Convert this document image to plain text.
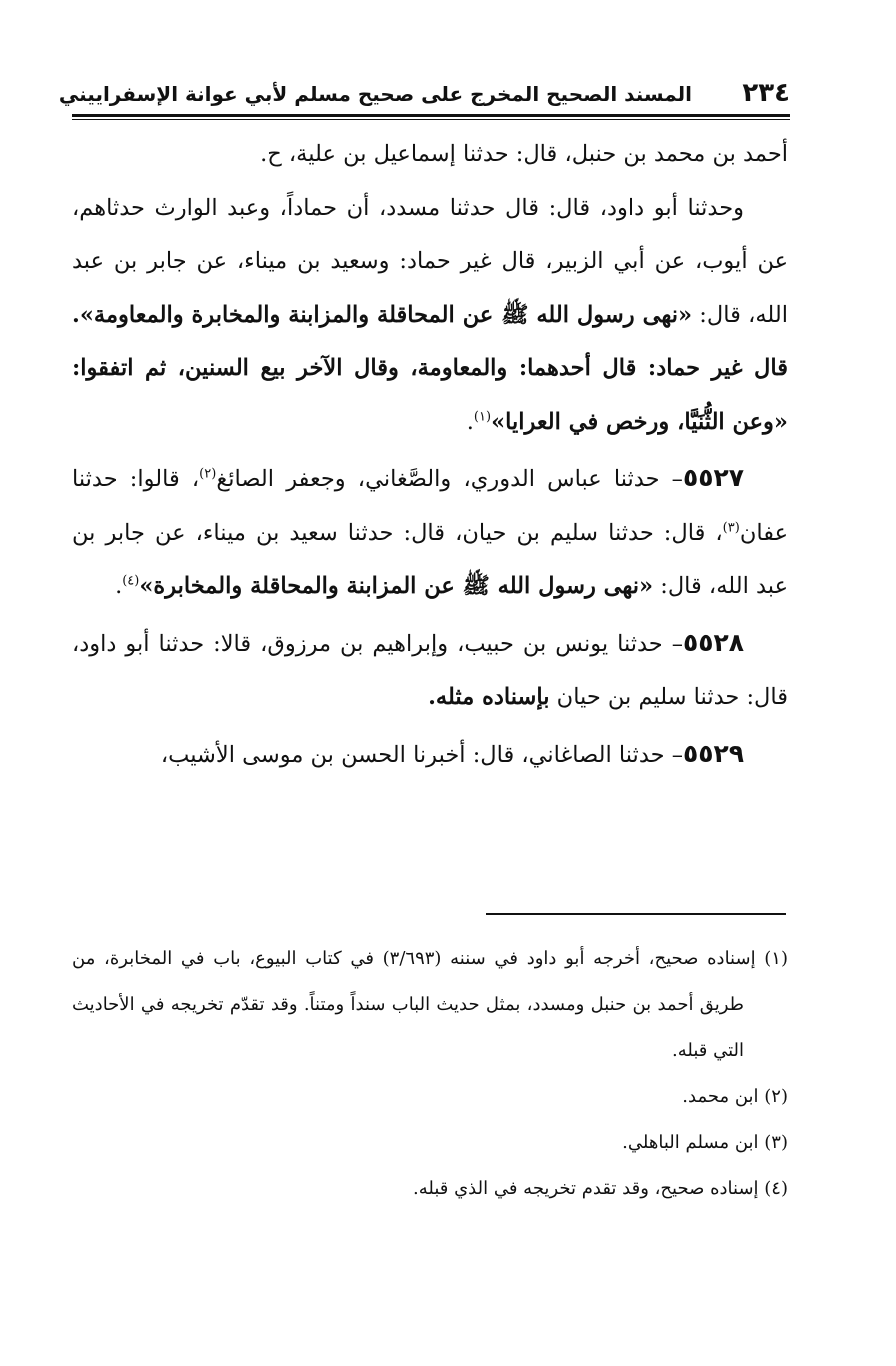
٢٣٤
المسند الصحيح المخرج على صحيح مسلم لأبي عوانة الإسفراييني

أحمد بن محمد بن حنبل، قال: حدثنا إسماعيل بن علية، ح.

وحدثنا أبو داود، قال: قال حدثنا مسدد، أن حماداً، وعبد الوارث حدثاهم، عن أيوب، عن أبي الزبير، قال غير حماد: وسعيد بن ميناء، عن جابر بن عبد الله، قال: «نهى رسول الله ﷺ عن المحاقلة والمزابنة والمخابرة والمعاومة». قال غير حماد: قال أحدهما: والمعاومة، وقال الآخر بيع السنين، ثم اتفقوا: «وعن الثُّنَيَّا، ورخص في العرايا»$^{(١)}$.

٥٥٢٧– حدثنا عباس الدوري، والصَّغاني، وجعفر الصائغ$^{(٢)}$، قالوا: حدثنا عفان$^{(٣)}$، قال: حدثنا سليم بن حيان، قال: حدثنا سعيد بن ميناء، عن جابر بن عبد الله، قال: «نهى رسول الله ﷺ عن المزابنة والمحاقلة والمخابرة»$^{(٤)}$.

٥٥٢٨– حدثنا يونس بن حبيب، وإبراهيم بن مرزوق، قالا: حدثنا أبو داود، قال: حدثنا سليم بن حيان بإسناده مثله.

٥٥٢٩– حدثنا الصاغاني، قال: أخبرنا الحسن بن موسى الأشيب،

(١) إسناده صحيح، أخرجه أبو داود في سننه (٣/٦٩٣) في كتاب البيوع، باب في المخابرة، من طريق أحمد بن حنبل ومسدد، بمثل حديث الباب سنداً ومتناً. وقد تقدّم تخريجه في الأحاديث التي قبله.

(٢) ابن محمد.

(٣) ابن مسلم الباهلي.

(٤) إسناده صحيح، وقد تقدم تخريجه في الذي قبله.
